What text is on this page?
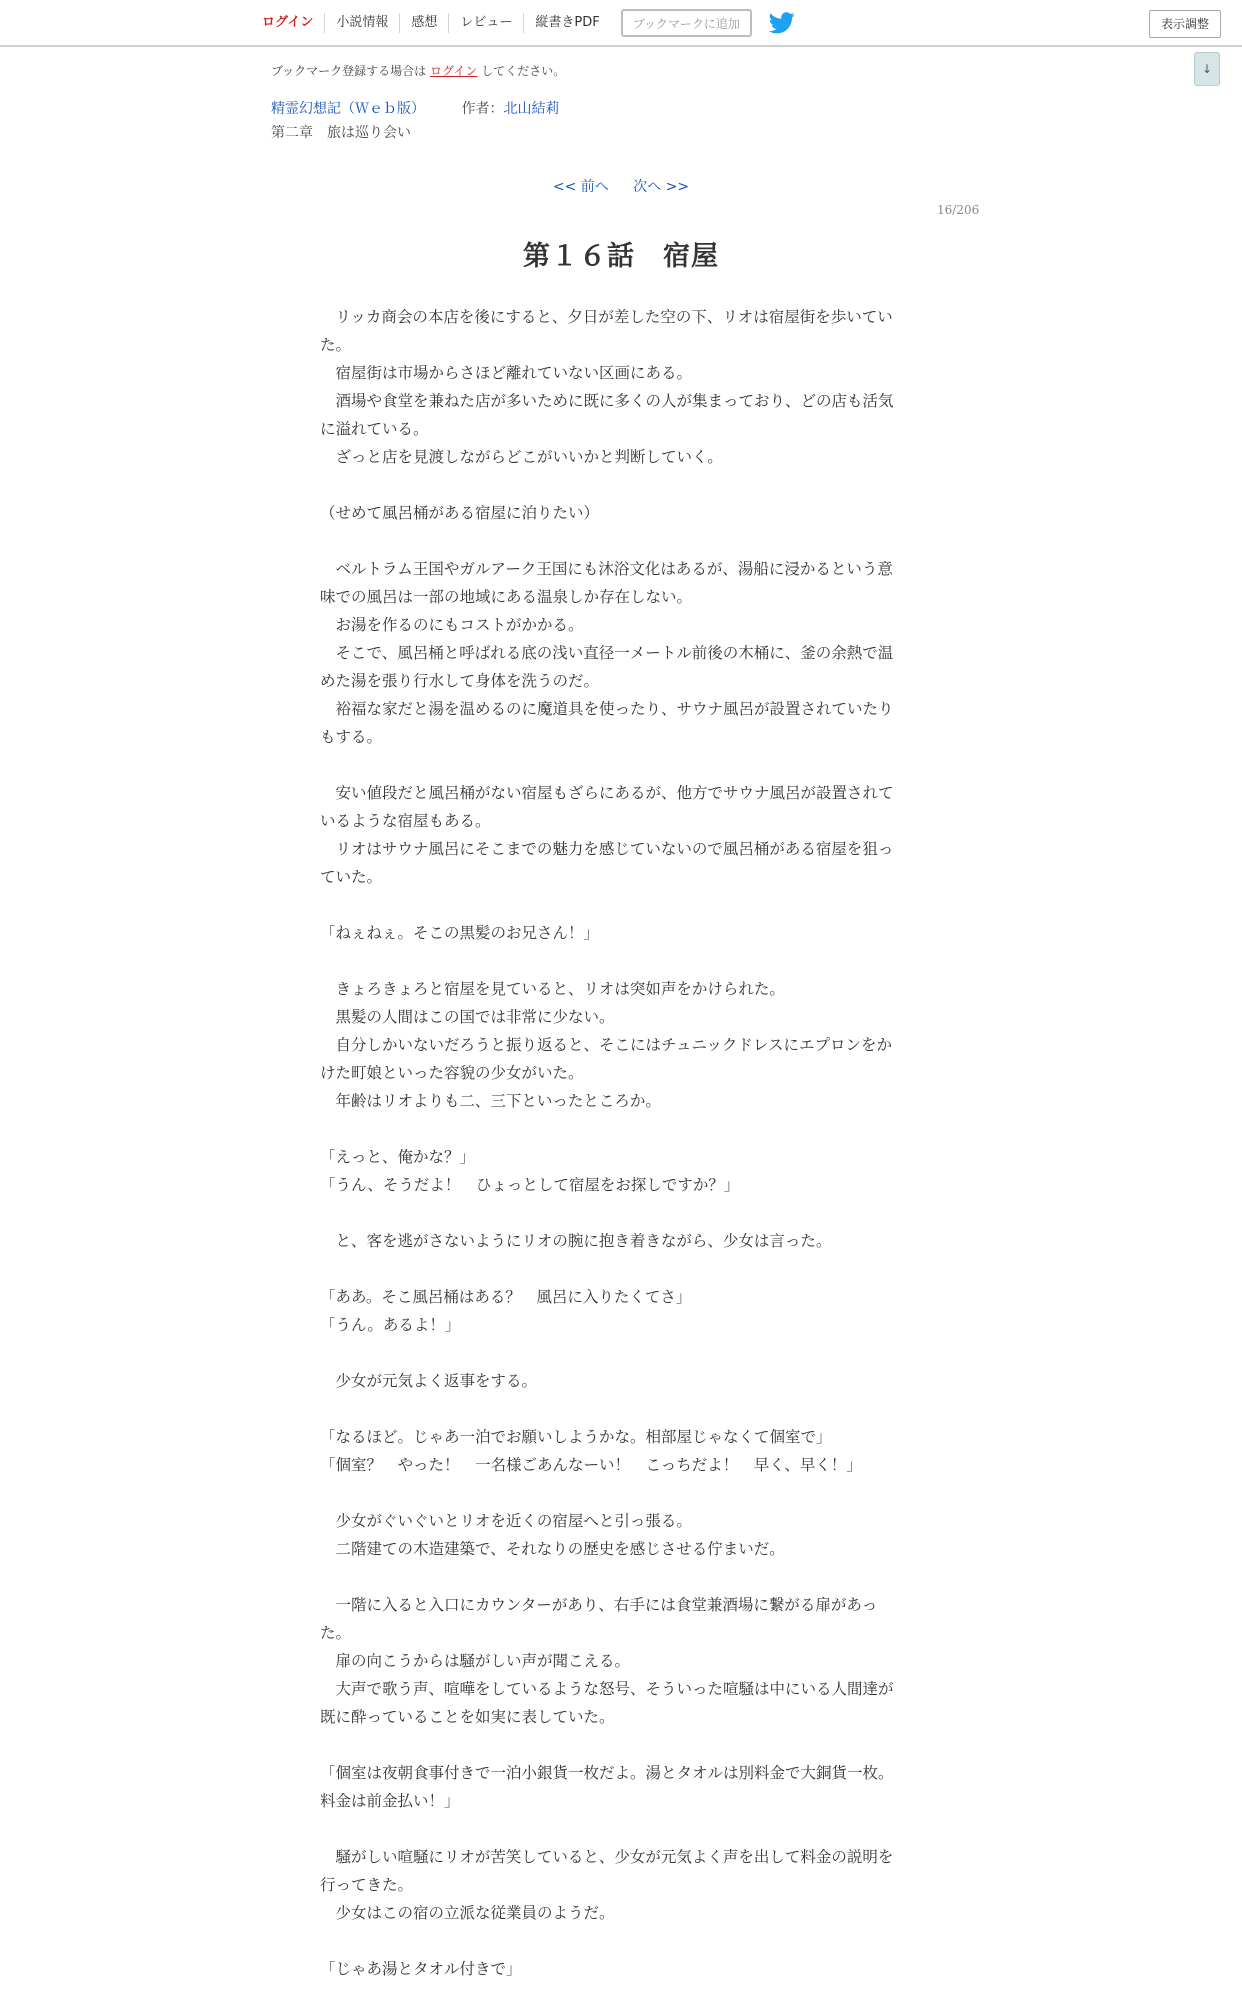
ログイン	小説情報	感想	レビュー	縦書きPDF	ブックマークに追加	表示調整
↓
ブックマーク登録する場合は ログイン してください。
精霊幻想記（Ｗｅｂ版）	作者：北山結莉
第二章　旅は巡り会い
<< 前へ 次へ >>
16/206
第１６話　宿屋
　リッカ商会の本店を後にすると、夕日が差した空の下、リオは宿屋街を歩いてい
た。
　宿屋街は市場からさほど離れていない区画にある。
　酒場や食堂を兼ねた店が多いために既に多くの人が集まっており、どの店も活気
に溢れている。
　ざっと店を見渡しながらどこがいいかと判断していく。
（せめて風呂桶がある宿屋に泊りたい）
　ベルトラム王国やガルアーク王国にも沐浴文化はあるが、湯船に浸かるという意
味での風呂は一部の地域にある温泉しか存在しない。
　お湯を作るのにもコストがかかる。
　そこで、風呂桶と呼ばれる底の浅い直径一メートル前後の木桶に、釜の余熱で温
めた湯を張り行水して身体を洗うのだ。
　裕福な家だと湯を温めるのに魔道具を使ったり、サウナ風呂が設置されていたり
もする。
　安い値段だと風呂桶がない宿屋もざらにあるが、他方でサウナ風呂が設置されて
いるような宿屋もある。
　リオはサウナ風呂にそこまでの魅力を感じていないので風呂桶がある宿屋を狙っ
ていた。
「ねぇねぇ。そこの黒髪のお兄さん！」
　きょろきょろと宿屋を見ていると、リオは突如声をかけられた。
　黒髪の人間はこの国では非常に少ない。
　自分しかいないだろうと振り返ると、そこにはチュニックドレスにエプロンをか
けた町娘といった容貌の少女がいた。
　年齢はリオよりも二、三下といったところか。
「えっと、俺かな？」
「うん、そうだよ！　ひょっとして宿屋をお探しですか？」
　と、客を逃がさないようにリオの腕に抱き着きながら、少女は言った。
「ああ。そこ風呂桶はある？　風呂に入りたくてさ」
「うん。あるよ！」
　少女が元気よく返事をする。
「なるほど。じゃあ一泊でお願いしようかな。相部屋じゃなくて個室で」
「個室？　やった！　一名様ごあんなーい！　こっちだよ！　早く、早く！」
　少女がぐいぐいとリオを近くの宿屋へと引っ張る。
　二階建ての木造建築で、それなりの歴史を感じさせる佇まいだ。
　一階に入ると入口にカウンターがあり、右手には食堂兼酒場に繋がる扉があっ
た。
　扉の向こうからは騒がしい声が聞こえる。
　大声で歌う声、喧嘩をしているような怒号、そういった喧騒は中にいる人間達が
既に酔っていることを如実に表していた。
「個室は夜朝食事付きで一泊小銀貨一枚だよ。湯とタオルは別料金で大銅貨一枚。
料金は前金払い！」
　騒がしい喧騒にリオが苦笑していると、少女が元気よく声を出して料金の説明を
行ってきた。
　少女はこの宿の立派な従業員のようだ。
「じゃあ湯とタオル付きで」
